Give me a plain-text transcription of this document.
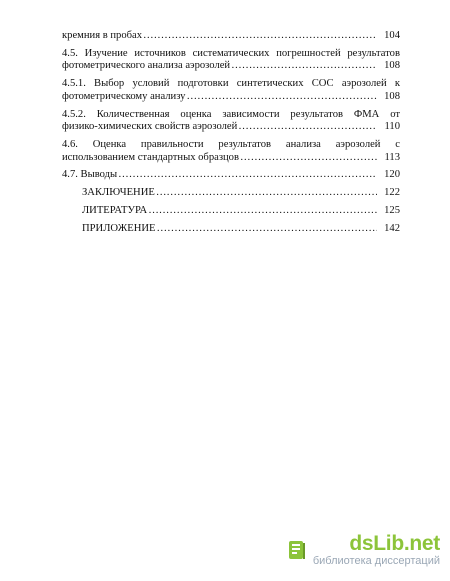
кремния в пробах ……………………………………………………………………………………………………………………	104
4.5. Изучение источников систематических погрешностей результатов
фотометрического анализа аэрозолей ……………………………………………………………………………………………………………………	108
4.5.1. Выбор условий подготовки синтетических СОС аэрозолей к
фотометрическому анализу ……………………………………………………………………………………………………………………	108
4.5.2. Количественная оценка зависимости результатов ФМА от
физико-химических свойств аэрозолей ……………………………………………………………………………………………………………………	110
4.6. Оценка правильности результатов анализа аэрозолей с
использованием стандартных образцов ……………………………………………………………………………………………………………………	113
4.7. Выводы ……………………………………………………………………………………………………………………	120
ЗАКЛЮЧЕНИЕ ……………………………………………………………………………………………………………………	122
ЛИТЕРАТУРА ……………………………………………………………………………………………………………………	125
ПРИЛОЖЕНИЕ ……………………………………………………………………………………………………………………	142
dsLib.net
библиотека диссертаций
